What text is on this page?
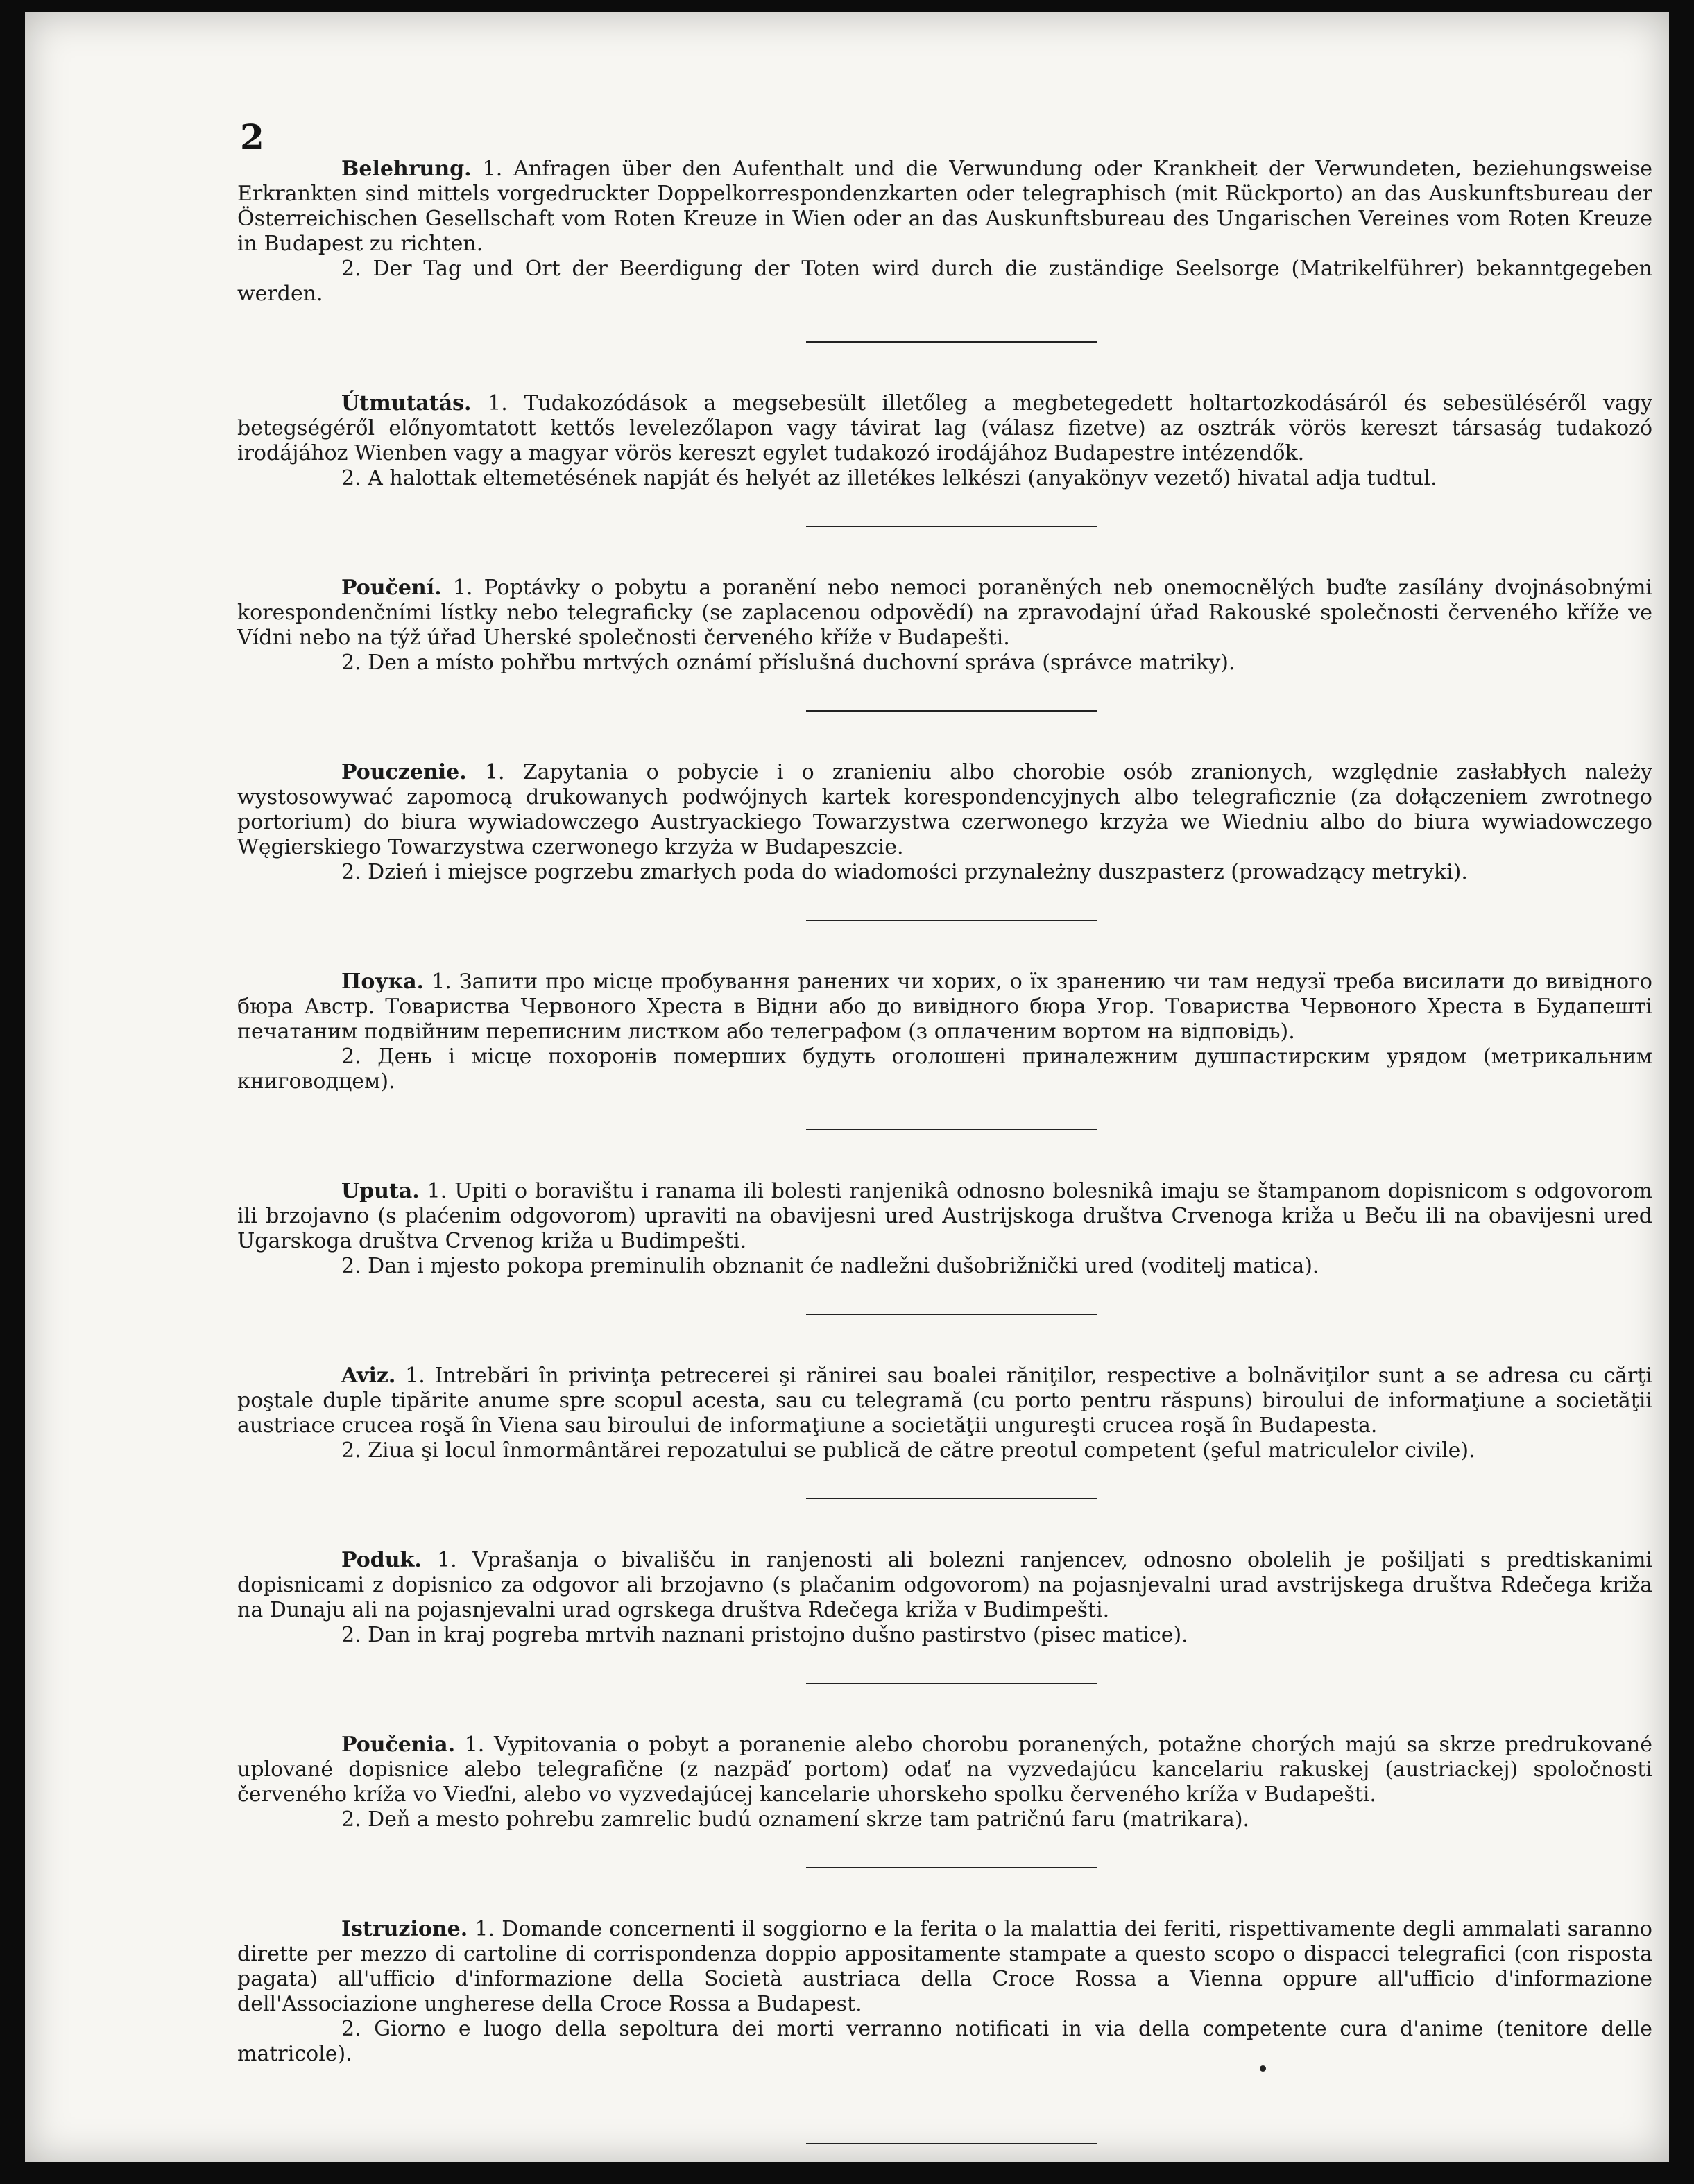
2

Belehrung. 1. Anfragen über den Aufenthalt und die Verwundung oder Krankheit der Verwundeten, beziehungsweise Erkrankten sind mittels vorgedruckter Doppelkorrespondenzkarten oder telegraphisch (mit Rückporto) an das Auskunftsbureau der Österreichischen Gesellschaft vom Roten Kreuze in Wien oder an das Auskunftsbureau des Ungarischen Vereines vom Roten Kreuze in Budapest zu richten.

2. Der Tag und Ort der Beerdigung der Toten wird durch die zuständige Seelsorge (Matrikelführer) bekanntgegeben werden.

Útmutatás. 1. Tudakozódások a megsebesült illetőleg a megbetegedett holtartozkodásáról és sebesüléséről vagy betegségéről előnyomtatott kettős levelezőlapon vagy távirat lag (válasz fizetve) az osztrák vörös kereszt társaság tudakozó irodájához Wienben vagy a magyar vörös kereszt egylet tudakozó irodájához Budapestre intézendők.

2. A halottak eltemetésének napját és helyét az illetékes lelkészi (anyakönyv vezető) hivatal adja tudtul.

Poučení. 1. Poptávky o pobytu a poranění nebo nemoci poraněných neb onemocnělých buďte zasílány dvojnásobnými korespondenčními lístky nebo telegraficky (se zaplacenou odpovědí) na zpravodajní úřad Rakouské společnosti červeného kříže ve Vídni nebo na týž úřad Uherské společnosti červeného kříže v Budapešti.

2. Den a místo pohřbu mrtvých oznámí příslušná duchovní správa (správce matriky).

Pouczenie. 1. Zapytania o pobycie i o zranieniu albo chorobie osób zranionych, względnie zasłabłych należy wystosowywać zapomocą drukowanych podwójnych kartek korespondencyjnych albo telegraficznie (za dołączeniem zwrotnego portorium) do biura wywiadowczego Austryackiego Towarzystwa czerwonego krzyża we Wiedniu albo do biura wywiadowczego Węgierskiego Towarzystwa czerwonego krzyża w Budapeszcie.

2. Dzień i miejsce pogrzebu zmarłych poda do wiadomości przynależny duszpasterz (prowadzący metryki).

Поука. 1. Запити про місце пробування ранених чи хорих, о їх зранению чи там недузї треба висилати до вивідного бюра Австр. Товариства Червоного Хреста в Відни або до вивідного бюра Угор. Товариства Червоного Хреста в Будапешті печатаним подвійним переписним листком або телеграфом (з оплаченим вортом на відповідь).

2. День і місце похоронів померших будуть оголошені приналежним душпастирским урядом (метрикальним книговодцем).

Uputa. 1. Upiti o boravištu i ranama ili bolesti ranjenikâ odnosno bolesnikâ imaju se štampanom dopisnicom s odgovorom ili brzojavno (s plaćenim odgovorom) upraviti na obavijesni ured Austrijskoga društva Crvenoga križa u Beču ili na obavijesni ured Ugarskoga društva Crvenog križa u Budimpešti.

2. Dan i mjesto pokopa preminulih obznanit će nadležni dušobrižnički ured (voditelj matica).

Aviz. 1. Intrebări în privinţa petrecerei şi rănirei sau boalei răniţilor, respective a bolnăviţilor sunt a se adresa cu cărţi poştale duple tipărite anume spre scopul acesta, sau cu telegramă (cu porto pentru răspuns) biroului de informaţiune a societăţii austriace crucea roşă în Viena sau biroului de informaţiune a societăţii ungureşti crucea roşă în Budapesta.

2. Ziua şi locul înmormântărei repozatului se publică de către preotul competent (şeful matriculelor civile).

Poduk. 1. Vprašanja o bivališču in ranjenosti ali bolezni ranjencev, odnosno obolelih je pošiljati s predtiskanimi dopisnicami z dopisnico za odgovor ali brzojavno (s plačanim odgovorom) na pojasnjevalni urad avstrijskega društva Rdečega križa na Dunaju ali na pojasnjevalni urad ogrskega društva Rdečega križa v Budimpešti.

2. Dan in kraj pogreba mrtvih naznani pristojno dušno pastirstvo (pisec matice).

Poučenia. 1. Vypitovania o pobyt a poranenie alebo chorobu poranených, potažne chorých majú sa skrze predrukované uplované dopisnice alebo telegrafične (z nazpäď portom) odať na vyzvedajúcu kancelariu rakuskej (austriackej) spoločnosti červeného kríža vo Vieďni, alebo vo vyzvedajúcej kancelarie uhorskeho spolku červeného kríža v Budapešti.

2. Deň a mesto pohrebu zamrelic budú oznamení skrze tam patričnú faru (matrikara).

Istruzione. 1. Domande concernenti il soggiorno e la ferita o la malattia dei feriti, rispettivamente degli ammalati saranno dirette per mezzo di cartoline di corrispondenza doppio appositamente stampate a questo scopo o dispacci telegrafici (con risposta pagata) all'ufficio d'informazione della Società austriaca della Croce Rossa a Vienna oppure all'ufficio d'informazione dell'Associazione ungherese della Croce Rossa a Budapest.

2. Giorno e luogo della sepoltura dei morti verranno notificati in via della competente cura d'anime (tenitore delle matricole).
